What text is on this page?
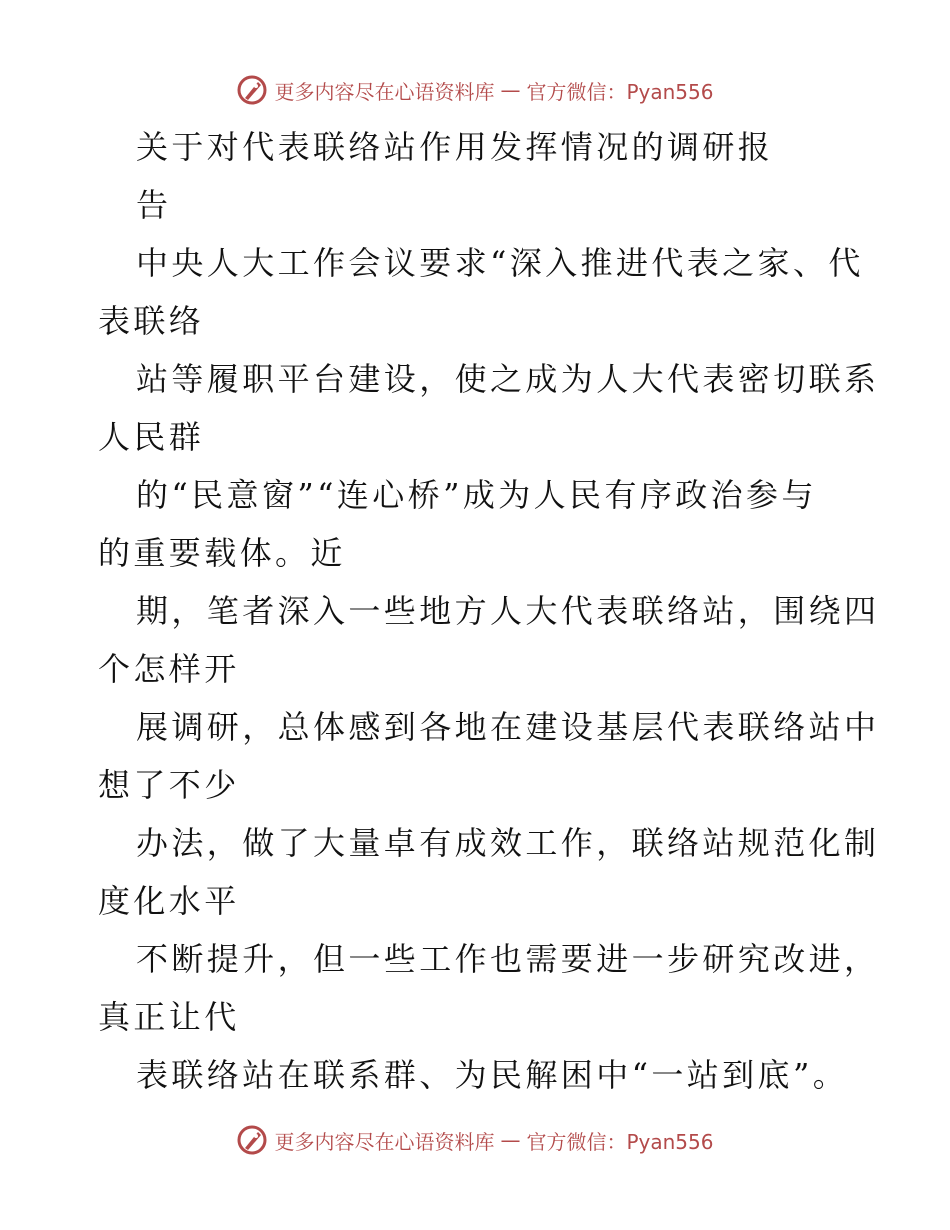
更多内容尽在心语资料库 — 官方微信：Pyan556
关于对代表联络站作用发挥情况的调研报
告
中央人大工作会议要求“深入推进代表之家、代
表联络
站等履职平台建设，使之成为人大代表密切联系
人民群
的“民意窗”“连心桥”成为人民有序政治参与
的重要载体。近
期，笔者深入一些地方人大代表联络站，围绕四
个怎样开
展调研，总体感到各地在建设基层代表联络站中
想了不少
办法，做了大量卓有成效工作，联络站规范化制
度化水平
不断提升，但一些工作也需要进一步研究改进，
真正让代
表联络站在联系群、为民解困中“一站到底”。
更多内容尽在心语资料库 — 官方微信：Pyan556
